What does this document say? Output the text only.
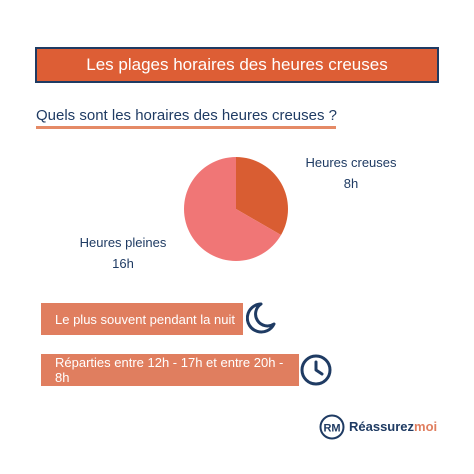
Les plages horaires des heures creuses
Quels sont les horaires des heures creuses ?
Heures creuses
8h
Heures pleines
16h
Le plus souvent pendant la nuit
Réparties entre 12h - 17h et entre 20h - 8h
RM Réassurezmoi
